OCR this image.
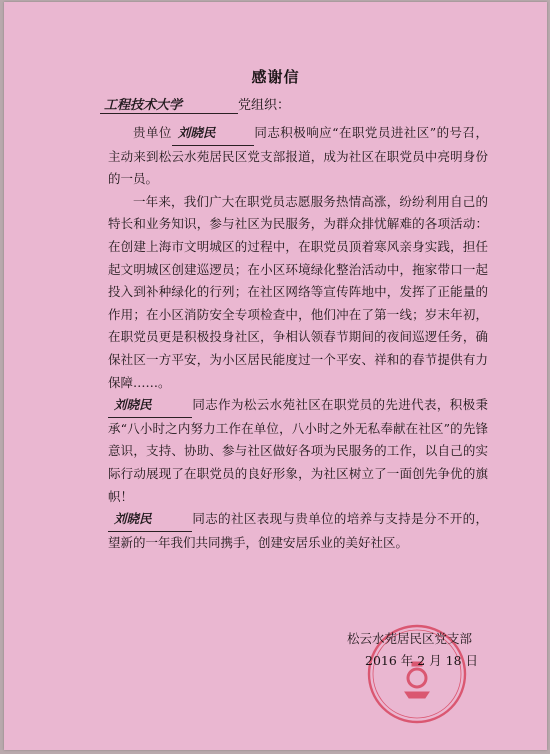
感谢信
工程技术大学	党组织：

贵单位 刘晓民	同志积极响应“在职党员进社区”的号召，主动来到松云水苑居民区党支部报道，成为社区在职党员中亮明身份的一员。

一年来，我们广大在职党员志愿服务热情高涨，纷纷利用自己的特长和业务知识，参与社区为民服务，为群众排忧解难的各项活动：在创建上海市文明城区的过程中，在职党员顶着寒风亲身实践，担任起文明城区创建巡逻员；在小区环境绿化整治活动中，拖家带口一起投入到补种绿化的行列；在社区网络等宣传阵地中，发挥了正能量的作用；在小区消防安全专项检查中，他们冲在了第一线；岁末年初，在职党员更是积极投身社区，争相认领春节期间的夜间巡逻任务，确保社区一方平安，为小区居民能度过一个平安、祥和的春节提供有力保障……。

刘晓民	同志作为松云水苑社区在职党员的先进代表，积极秉承“八小时之内努力工作在单位，八小时之外无私奉献在社区”的先锋意识，支持、协助、参与社区做好各项为民服务的工作，以自己的实际行动展现了在职党员的良好形象，为社区树立了一面创先争优的旗帜！

刘晓民	同志的社区表现与贵单位的培养与支持是分不开的，望新的一年我们共同携手，创建安居乐业的美好社区。

松云水苑居民区党支部
2016 年 2 月 18 日
